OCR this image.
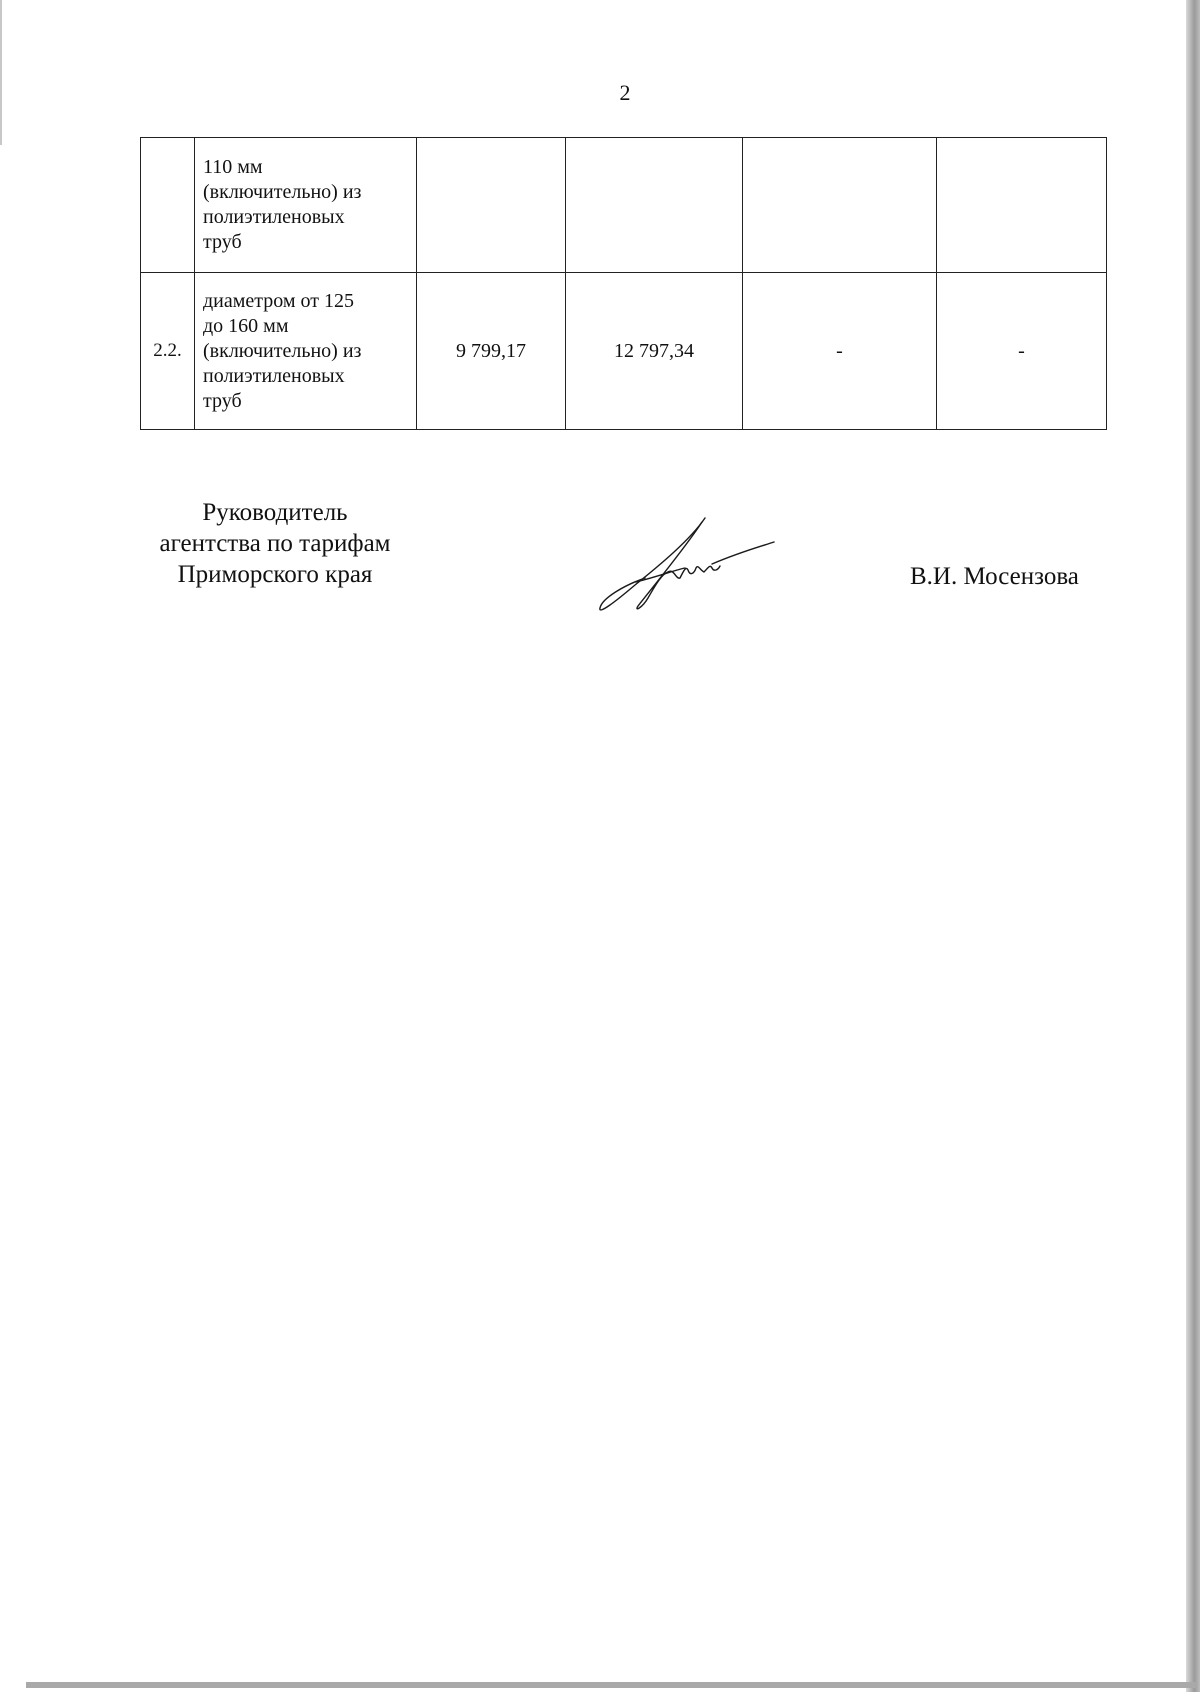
2

	110 мм
(включительно) из
полиэтиленовых
труб				

2.2.	диаметром от 125
до 160 мм
(включительно) из
полиэтиленовых
труб	9 799,17	12 797,34	-	-
Руководитель
агентства по тарифам
Приморского края	В.И. Мосензова
